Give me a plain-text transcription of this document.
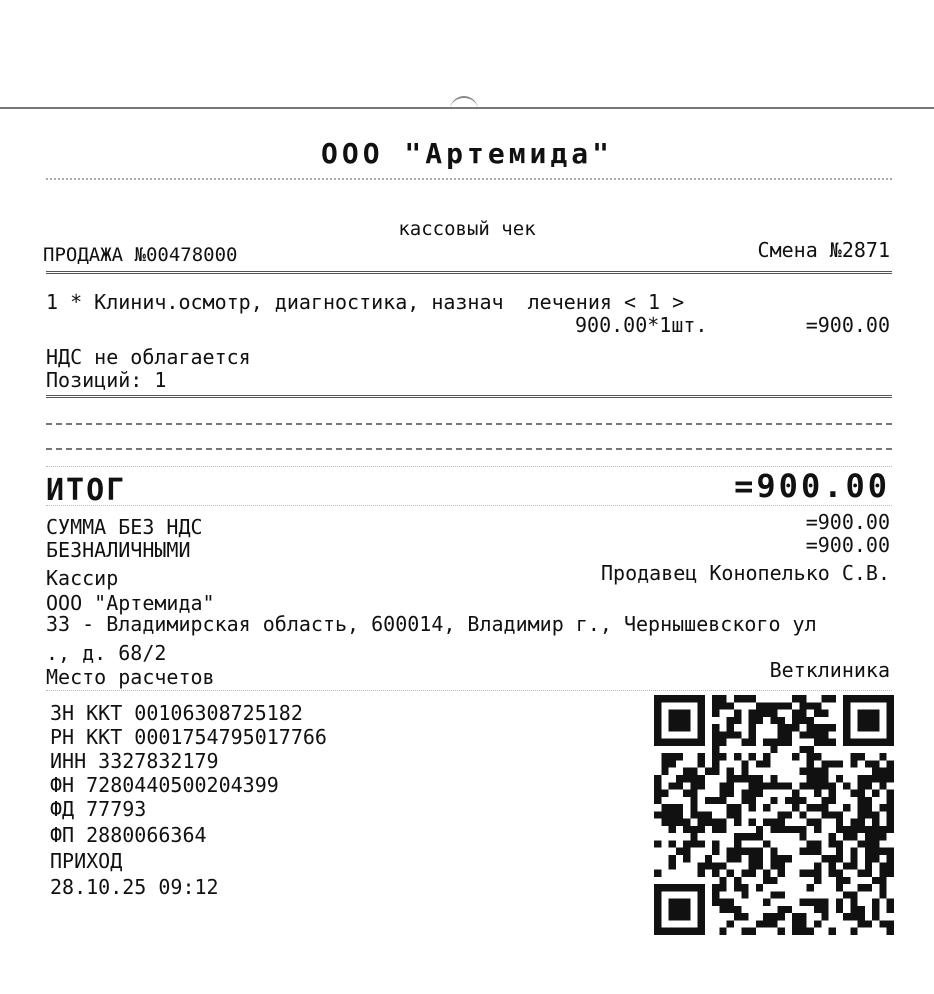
ООО "Артемида"
кассовый чек
ПРОДАЖА №00478000	Смена №2871
1 * Клинич.осмотр, диагностика, назнач  лечения < 1 >
900.00*1шт.	=900.00
НДС не облагается
Позиций: 1
ИТОГ	=900.00
СУММА БЕЗ НДС	=900.00
БЕЗНАЛИЧНЫМИ	=900.00
Кассир	Продавец Конопелько С.В.
ООО "Артемида"
33 - Владимирская область, 600014, Владимир г., Чернышевского ул
., д. 68/2
Место расчетов	Ветклиника
ЗН ККТ 00106308725182
РН ККТ 0001754795017766
ИНН 3327832179
ФН 7280440500204399
ФД 77793
ФП 2880066364
ПРИХОД
28.10.25 09:12
